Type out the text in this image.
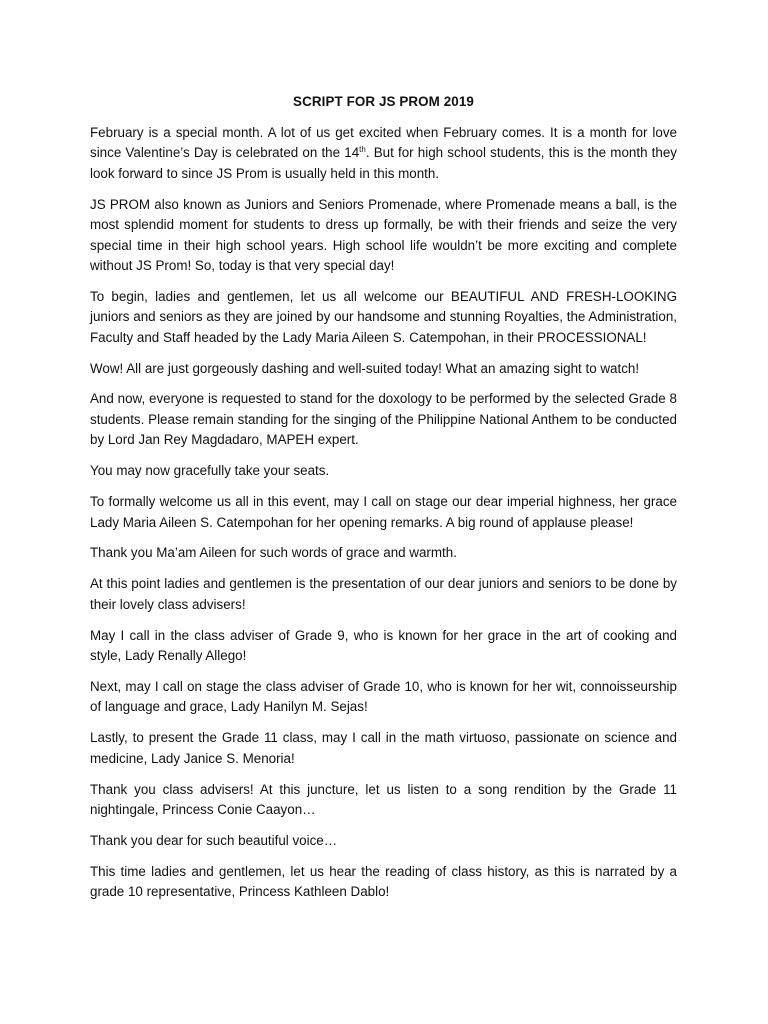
SCRIPT FOR JS PROM 2019

February is a special month. A lot of us get excited when February comes. It is a month for love since Valentine’s Day is celebrated on the 14th. But for high school students, this is the month they look forward to since JS Prom is usually held in this month.

JS PROM also known as Juniors and Seniors Promenade, where Promenade means a ball, is the most splendid moment for students to dress up formally, be with their friends and seize the very special time in their high school years. High school life wouldn’t be more exciting and complete without JS Prom! So, today is that very special day!

To begin, ladies and gentlemen, let us all welcome our BEAUTIFUL AND FRESH-LOOKING juniors and seniors as they are joined by our handsome and stunning Royalties, the Administration, Faculty and Staff headed by the Lady Maria Aileen S. Catempohan, in their PROCESSIONAL!

Wow! All are just gorgeously dashing and well-suited today! What an amazing sight to watch!

And now, everyone is requested to stand for the doxology to be performed by the selected Grade 8 students. Please remain standing for the singing of the Philippine National Anthem to be conducted by Lord Jan Rey Magdadaro, MAPEH expert.

You may now gracefully take your seats.

To formally welcome us all in this event, may I call on stage our dear imperial highness, her grace Lady Maria Aileen S. Catempohan for her opening remarks. A big round of applause please!

Thank you Ma’am Aileen for such words of grace and warmth.

At this point ladies and gentlemen is the presentation of our dear juniors and seniors to be done by their lovely class advisers!

May I call in the class adviser of Grade 9, who is known for her grace in the art of cooking and style, Lady Renally Allego!

Next, may I call on stage the class adviser of Grade 10, who is known for her wit, connoisseurship of language and grace, Lady Hanilyn M. Sejas!

Lastly, to present the Grade 11 class, may I call in the math virtuoso, passionate on science and medicine, Lady Janice S. Menoria!

Thank you class advisers! At this juncture, let us listen to a song rendition by the Grade 11 nightingale, Princess Conie Caayon…

Thank you dear for such beautiful voice…

This time ladies and gentlemen, let us hear the reading of class history, as this is narrated by a grade 10 representative, Princess Kathleen Dablo!
